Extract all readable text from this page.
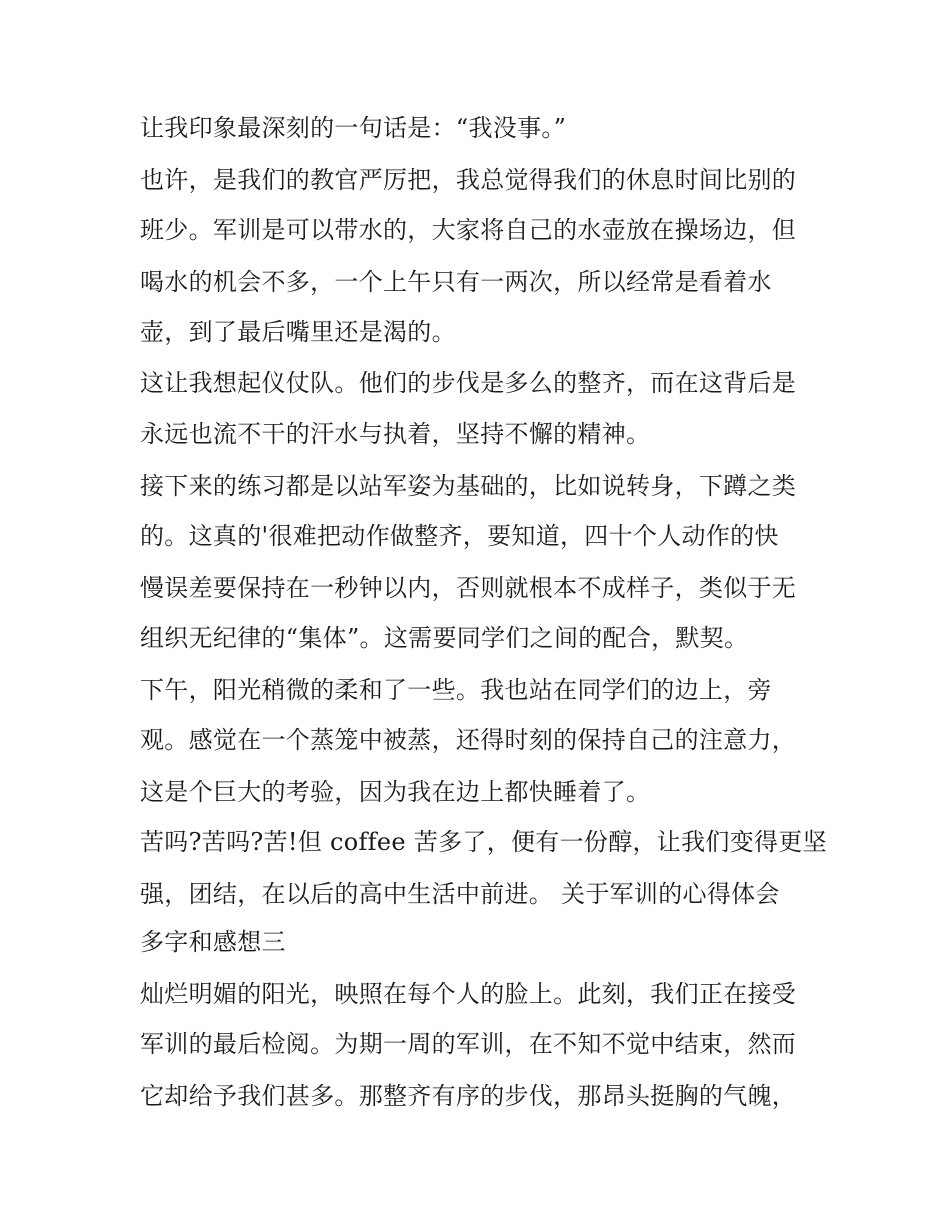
让我印象最深刻的一句话是：“我没事。”
也许，是我们的教官严厉把，我总觉得我们的休息时间比别的
班少。军训是可以带水的，大家将自己的水壶放在操场边，但
喝水的机会不多，一个上午只有一两次，所以经常是看着水
壶，到了最后嘴里还是渴的。
这让我想起仪仗队。他们的步伐是多么的整齐，而在这背后是
永远也流不干的汗水与执着，坚持不懈的精神。
接下来的练习都是以站军姿为基础的，比如说转身，下蹲之类
的。这真的'很难把动作做整齐，要知道，四十个人动作的快
慢误差要保持在一秒钟以内，否则就根本不成样子，类似于无
组织无纪律的“集体”。这需要同学们之间的配合，默契。
下午，阳光稍微的柔和了一些。我也站在同学们的边上，旁
观。感觉在一个蒸笼中被蒸，还得时刻的保持自己的注意力，
这是个巨大的考验，因为我在边上都快睡着了。
苦吗?苦吗?苦!但 coffee 苦多了，便有一份醇，让我们变得更坚
强，团结，在以后的高中生活中前进。 关于军训的心得体会
多字和感想三
灿烂明媚的阳光，映照在每个人的脸上。此刻，我们正在接受
军训的最后检阅。为期一周的军训，在不知不觉中结束，然而
它却给予我们甚多。那整齐有序的步伐，那昂头挺胸的气魄，
